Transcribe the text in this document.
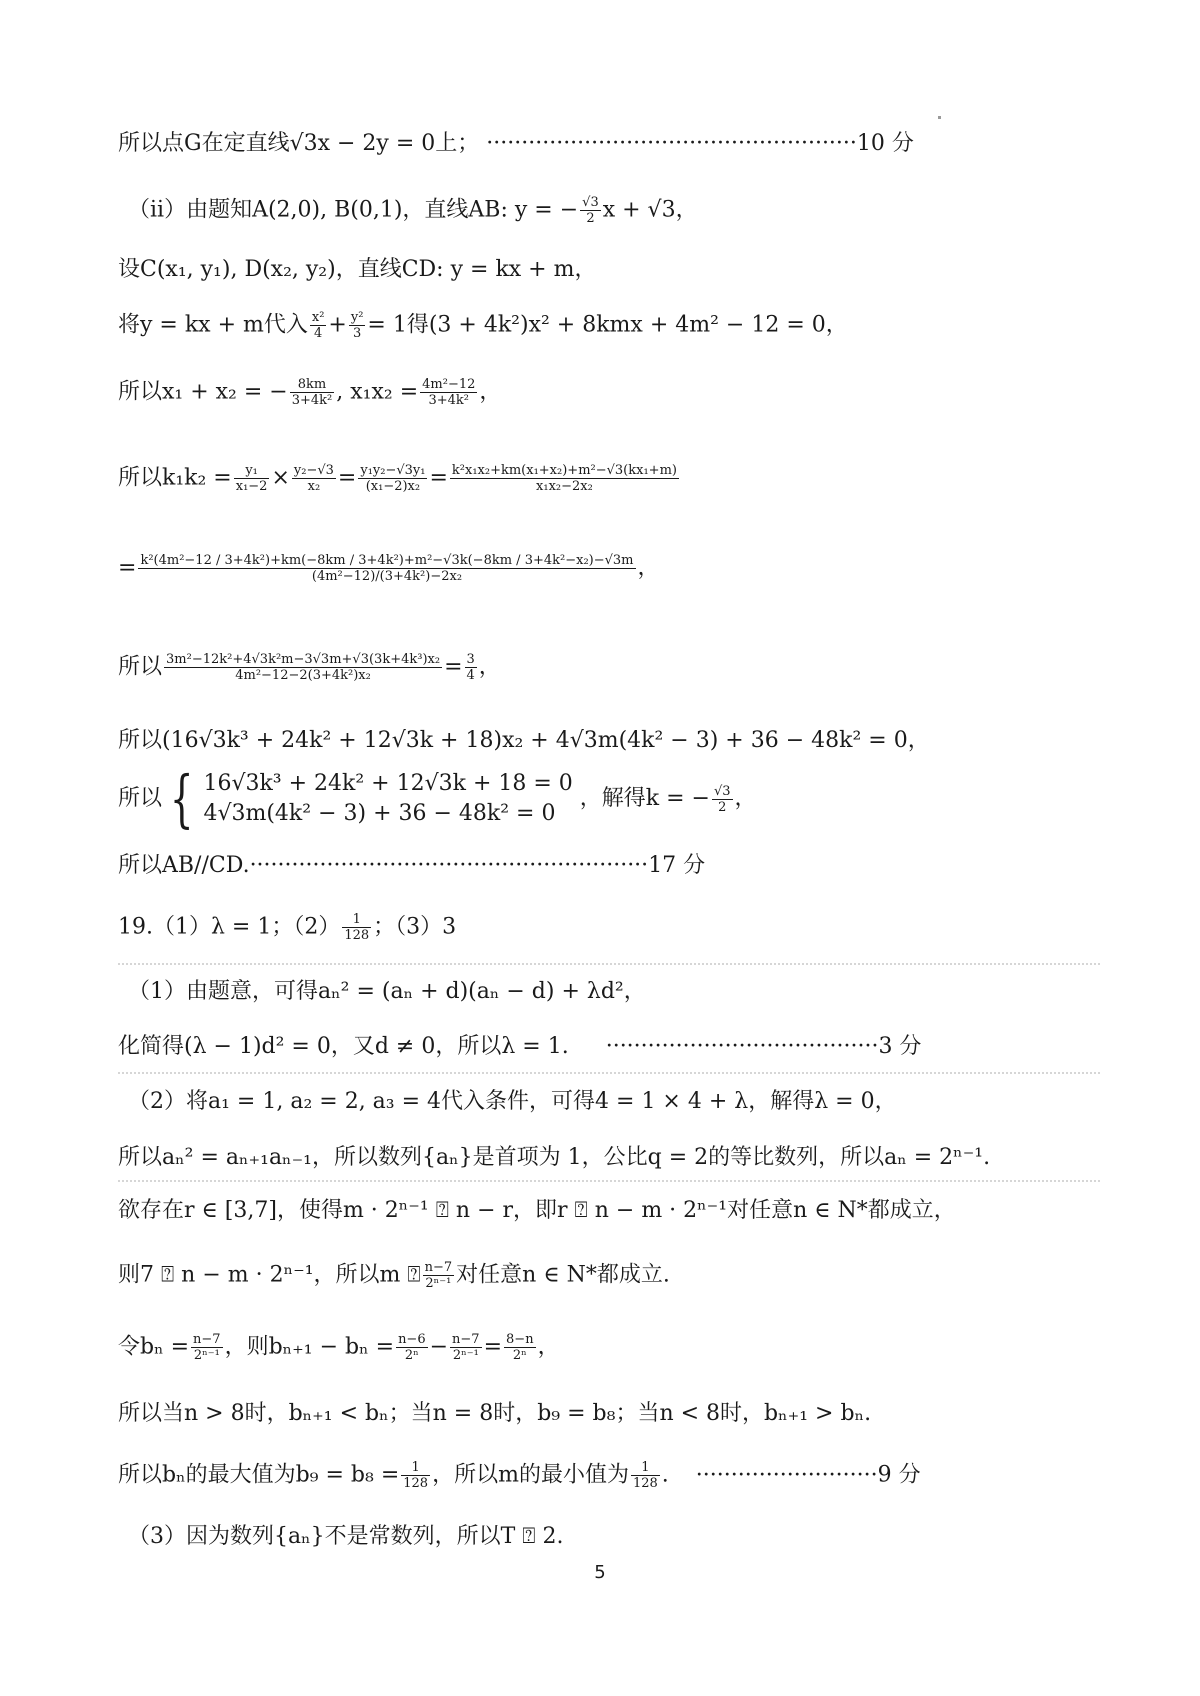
所以点G在定直线√3x − 2y = 0上； ·····················································10 分
（ii）由题知A(2,0), B(0,1)，直线AB: y = − $\frac{√3}{2}$ x + √3，
设C(x₁, y₁), D(x₂, y₂)，直线CD: y = kx + m，
将y = kx + m代入 $\frac{\text{x²}}{4} + \frac{\text{y²}}{3} = 1$得(3 + 4k²)x² + 8kmx + 4m² − 12 = 0，
所以x₁ + x₂ = − $\frac{8km}{\text{3+4k²}}$ , $x_1x_2 = \frac{\text{4m²−12}}{\text{3+4k²}}$ ，
所以$k_1k_2 = \frac{\text{y₁}}{\text{x₁−2}} \times \frac{\text{y₂−√3}}{\text{x₂}} = \frac{\text{y₁y₂−√3y₁}}{\text{(x₁−2)x₂}} = \frac{\text{k²x₁x₂+km(x₁+x₂)+m²−√3(kx₁+m)}}{\text{x₁x₂−2x₂}}$
= k²(4m²−12 / 3+4k²)+km(−8km / 3+4k²)+m²−√3k(−8km / 3+4k²−x₂)−√3m
(4m²−12)/(3+4k²)−2x₂	，
所以 $\frac{\text{3m²−12k²+4√3k²m−3√3m+√3(3k+4k³)x₂}}{\text{4m²−12−2(3+4k²)x₂}} = \frac{3}{4}$ ，
所以(16√3k³ + 24k² + 12√3k + 18)x₂ + 4√3m(4k² − 3) + 36 − 48k² = 0，
所以 { 16√3k³ + 24k² + 12√3k + 18 = 0
4√3m(4k² − 3) + 36 − 48k² = 0
，解得k = − $\frac{√3}{2}$ ，
所以AB//CD.·························································17 分
19.（1）λ = 1；$(2) \frac{1}{128}$ ；（3）3
（1）由题意，可得aₙ² = (aₙ + d)(aₙ − d) + λd²，
化简得(λ − 1)d² = 0，又d ≠ 0，所以λ = 1. ·······································3 分
（2）将a₁ = 1, a₂ = 2, a₃ = 4代入条件，可得4 = 1 × 4 + λ，解得λ = 0，
所以aₙ² = aₙ₊₁aₙ₋₁，所以数列{aₙ}是首项为 1，公比q = 2的等比数列，所以aₙ = 2ⁿ⁻¹.
欲存在r ∈ [3,7]，使得m · 2ⁿ⁻¹ ⍰ n − r，即r ⍰ n − m · 2ⁿ⁻¹对任意n ∈ N*都成立，
则7 ⍰ n − m · 2ⁿ⁻¹，所以m ⍰ $\frac{n-7}{\text{2ⁿ⁻¹}}$ 对任意n ∈ N*都成立.
令$b_n = \frac{n-7}{\text{2ⁿ⁻¹}}$ ，则$b_{n+1} - b_n = \frac{n-6}{\text{2ⁿ}} - \frac{n-7}{\text{2ⁿ⁻¹}} = \frac{8-n}{\text{2ⁿ}}$ ，
所以当n > 8时，bₙ₊₁ < bₙ；当n = 8时，b₉ = b₈；当n < 8时，bₙ₊₁ > bₙ.
所以bₙ的最大值为$b_9 = b_8 = \frac{1}{128}$ ，所以m的最小值为 $\frac{1}{128}$ . ··························9 分
（3）因为数列{aₙ}不是常数列，所以T ⍰ 2.
5
